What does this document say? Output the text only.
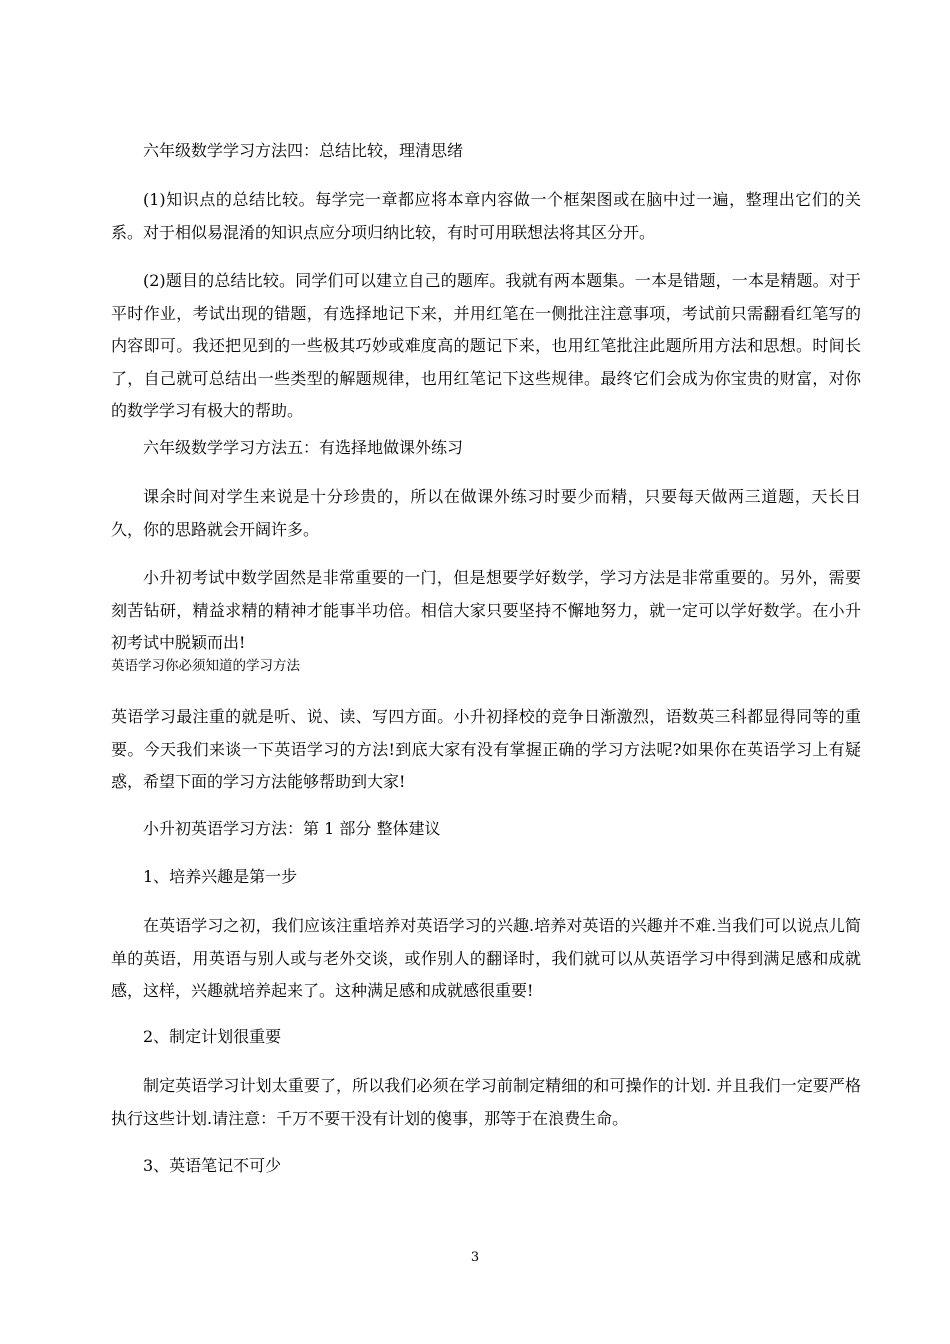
六年级数学学习方法四：总结比较，理清思绪

(1)知识点的总结比较。每学完一章都应将本章内容做一个框架图或在脑中过一遍，整理出它们的关系。对于相似易混淆的知识点应分项归纳比较，有时可用联想法将其区分开。

(2)题目的总结比较。同学们可以建立自己的题库。我就有两本题集。一本是错题，一本是精题。对于平时作业，考试出现的错题，有选择地记下来，并用红笔在一侧批注注意事项，考试前只需翻看红笔写的内容即可。我还把见到的一些极其巧妙或难度高的题记下来，也用红笔批注此题所用方法和思想。时间长了，自己就可总结出一些类型的解题规律，也用红笔记下这些规律。最终它们会成为你宝贵的财富，对你的数学学习有极大的帮助。

六年级数学学习方法五：有选择地做课外练习

课余时间对学生来说是十分珍贵的，所以在做课外练习时要少而精，只要每天做两三道题，天长日久，你的思路就会开阔许多。

小升初考试中数学固然是非常重要的一门，但是想要学好数学，学习方法是非常重要的。另外，需要刻苦钻研，精益求精的精神才能事半功倍。相信大家只要坚持不懈地努力，就一定可以学好数学。在小升初考试中脱颖而出!

英语学习你必须知道的学习方法

英语学习最注重的就是听、说、读、写四方面。小升初择校的竞争日渐激烈，语数英三科都显得同等的重要。今天我们来谈一下英语学习的方法!到底大家有没有掌握正确的学习方法呢?如果你在英语学习上有疑惑，希望下面的学习方法能够帮助到大家!

小升初英语学习方法：第 1 部分 整体建议

1、培养兴趣是第一步

在英语学习之初，我们应该注重培养对英语学习的兴趣.培养对英语的兴趣并不难.当我们可以说点儿简单的英语，用英语与别人或与老外交谈，或作别人的翻译时，我们就可以从英语学习中得到满足感和成就感，这样，兴趣就培养起来了。这种满足感和成就感很重要!

2、制定计划很重要

制定英语学习计划太重要了，所以我们必须在学习前制定精细的和可操作的计划. 并且我们一定要严格执行这些计划.请注意：千万不要干没有计划的傻事，那等于在浪费生命。

3、英语笔记不可少

3
